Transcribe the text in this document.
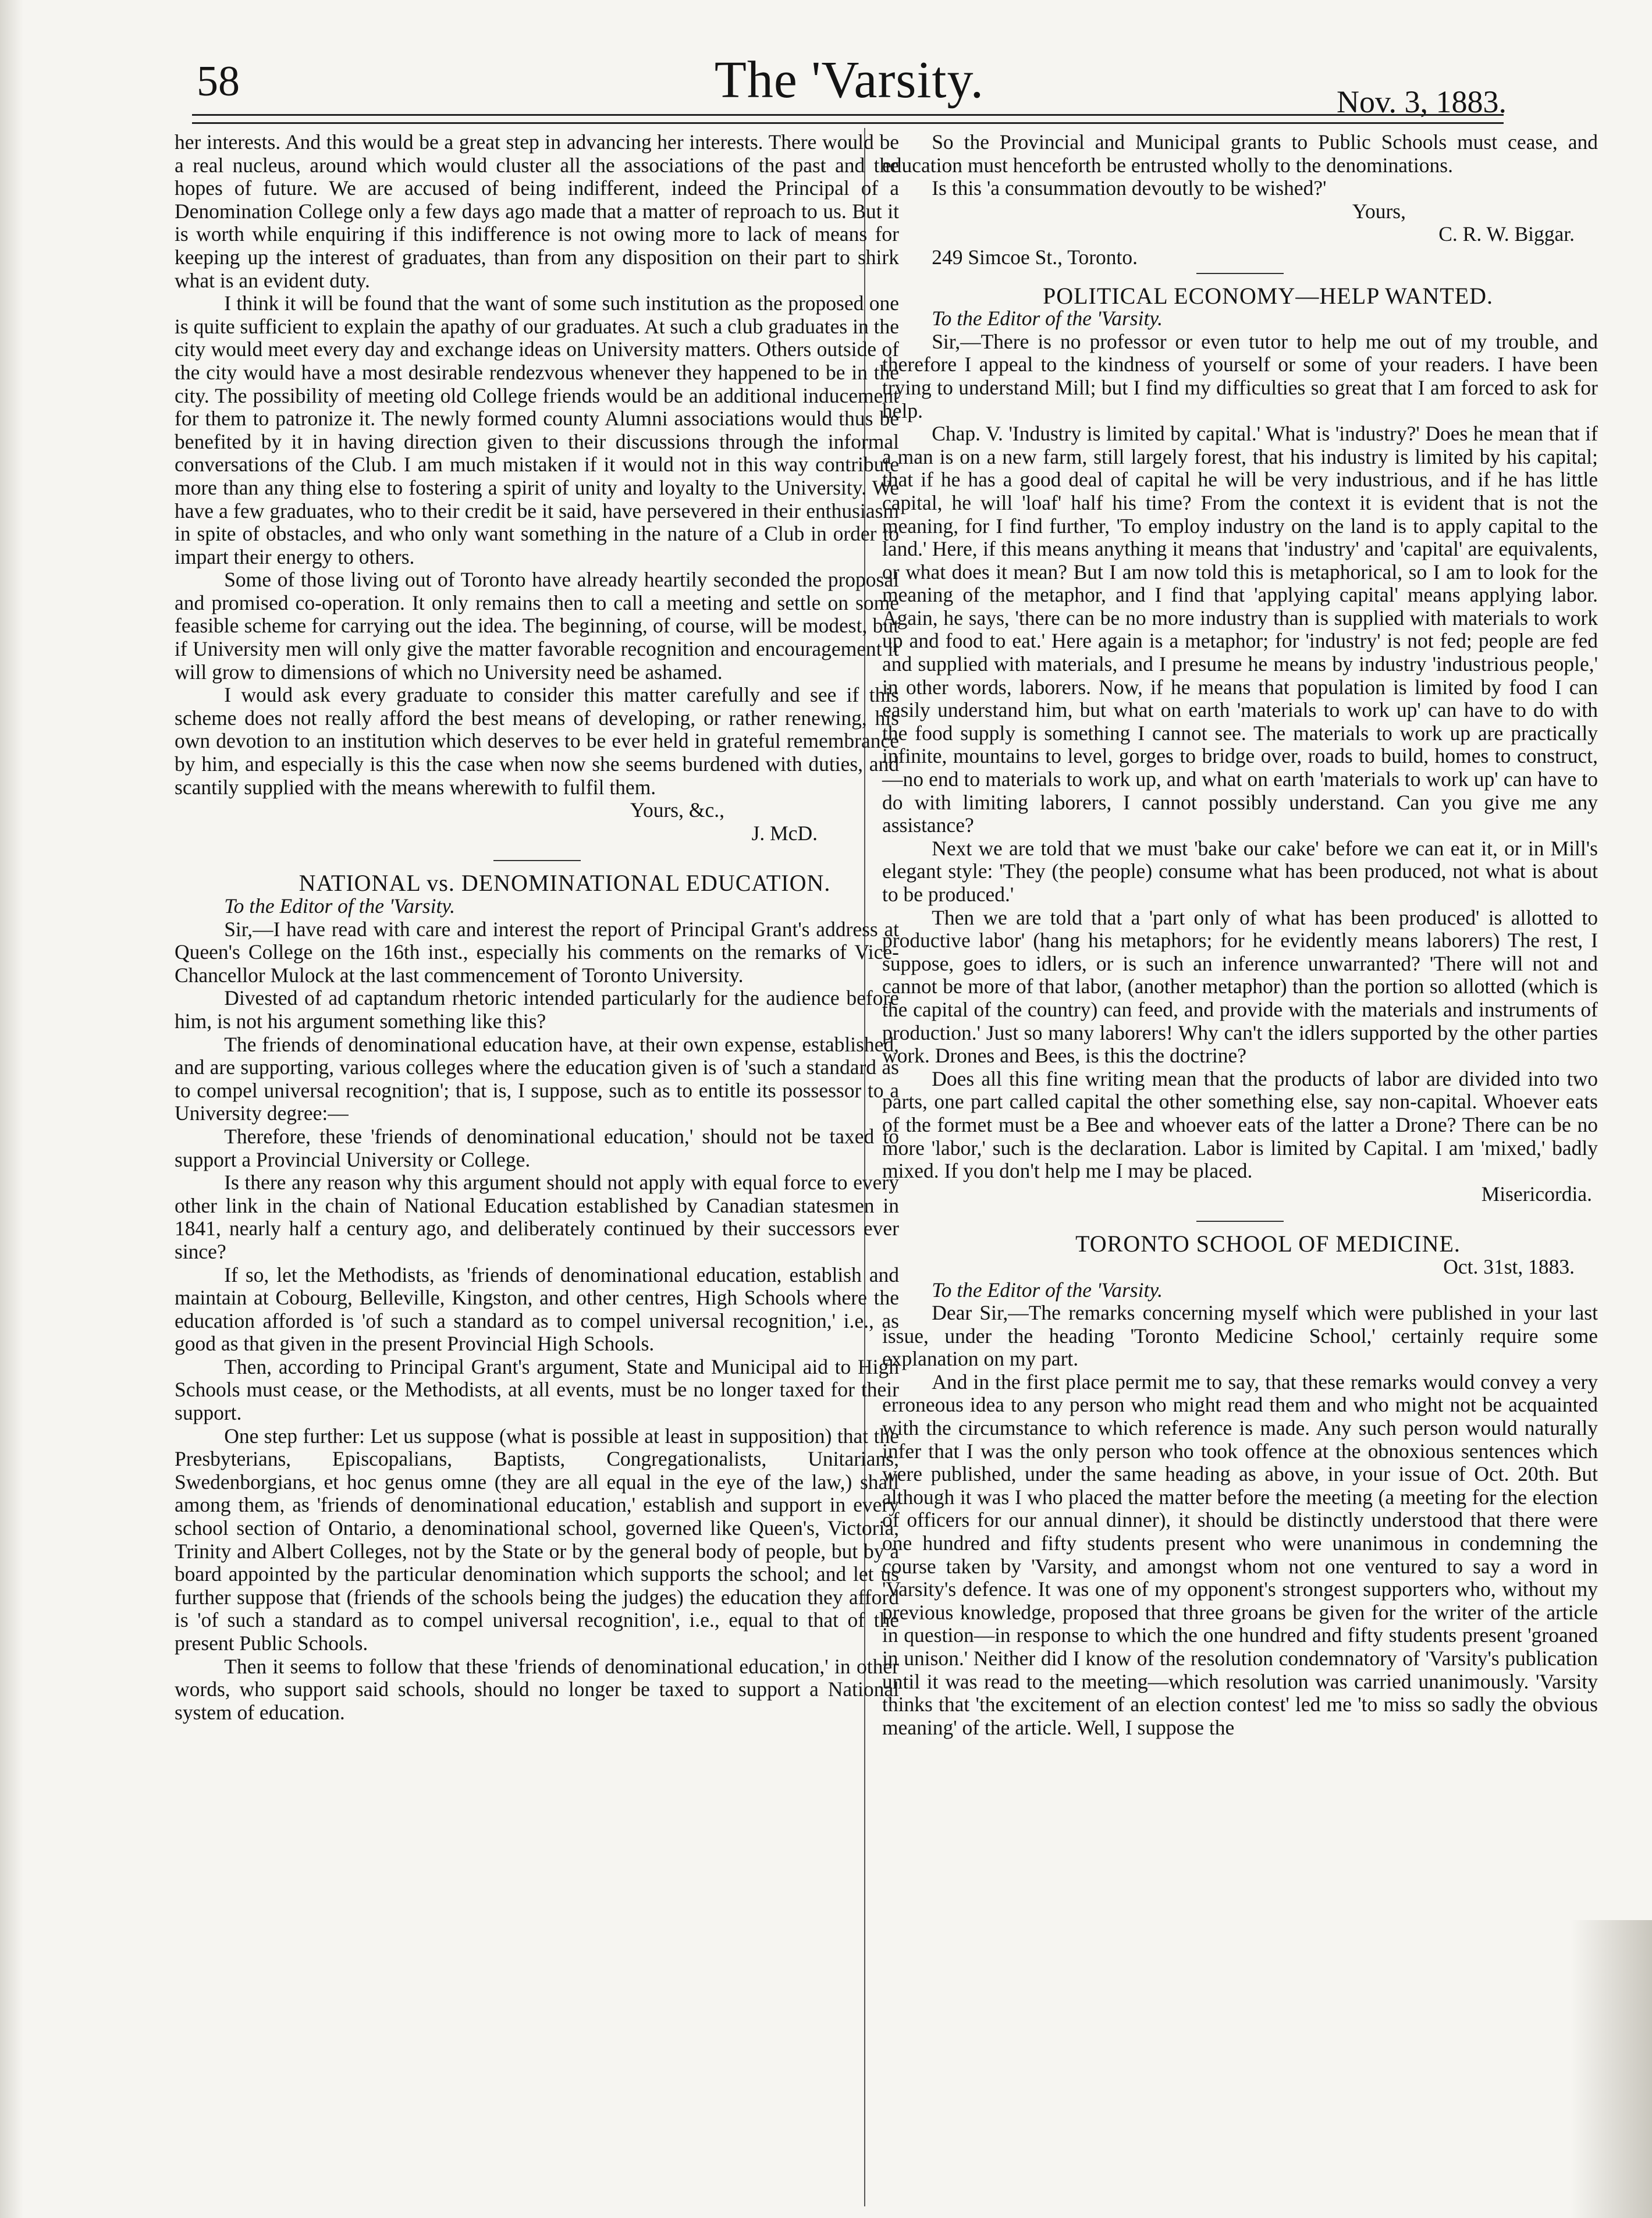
58	The 'Varsity.	Nov. 3, 1883.

her interests. And this would be a great step in advancing her interests. There would be a real nucleus, around which would cluster all the associations of the past and the hopes of future. We are accused of being indifferent, indeed the Principal of a Denomination College only a few days ago made that a matter of reproach to us. But it is worth while enquiring if this indifference is not owing more to lack of means for keeping up the interest of graduates, than from any disposition on their part to shirk what is an evident duty.

I think it will be found that the want of some such institution as the proposed one is quite sufficient to explain the apathy of our graduates. At such a club graduates in the city would meet every day and exchange ideas on University matters. Others outside of the city would have a most desirable rendezvous whenever they happened to be in the city. The possibility of meeting old College friends would be an additional inducement for them to patronize it. The newly formed county Alumni associations would thus be benefited by it in having direction given to their discussions through the informal conversations of the Club. I am much mistaken if it would not in this way contribute more than any thing else to fostering a spirit of unity and loyalty to the University. We have a few graduates, who to their credit be it said, have persevered in their enthusiasm in spite of obstacles, and who only want something in the nature of a Club in order to impart their energy to others.

Some of those living out of Toronto have already heartily seconded the proposal and promised co-operation. It only remains then to call a meeting and settle on some feasible scheme for carrying out the idea. The beginning, of course, will be modest, but if University men will only give the matter favorable recognition and encouragement it will grow to dimensions of which no University need be ashamed.

I would ask every graduate to consider this matter carefully and see if this scheme does not really afford the best means of developing, or rather renewing, his own devotion to an institution which deserves to be ever held in grateful remembrance by him, and especially is this the case when now she seems burdened with duties, and scantily supplied with the means wherewith to fulfil them.

Yours, &c.,

J. McD.

NATIONAL vs. DENOMINATIONAL EDUCATION.

To the Editor of the 'Varsity.

Sir,—I have read with care and interest the report of Principal Grant's address at Queen's College on the 16th inst., especially his comments on the remarks of Vice-Chancellor Mulock at the last commencement of Toronto University.

Divested of ad captandum rhetoric intended particularly for the audience before him, is not his argument something like this?

The friends of denominational education have, at their own expense, established, and are supporting, various colleges where the education given is of 'such a standard as to compel universal recognition'; that is, I suppose, such as to entitle its possessor to a University degree:—

Therefore, these 'friends of denominational education,' should not be taxed to support a Provincial University or College.

Is there any reason why this argument should not apply with equal force to every other link in the chain of National Education established by Canadian statesmen in 1841, nearly half a century ago, and deliberately continued by their successors ever since?

If so, let the Methodists, as 'friends of denominational education, establish and maintain at Cobourg, Belleville, Kingston, and other centres, High Schools where the education afforded is 'of such a standard as to compel universal recognition,' i.e., as good as that given in the present Provincial High Schools.

Then, according to Principal Grant's argument, State and Municipal aid to High Schools must cease, or the Methodists, at all events, must be no longer taxed for their support.

One step further: Let us suppose (what is possible at least in supposition) that the Presbyterians, Episcopalians, Baptists, Congregationalists, Unitarians, Swedenborgians, et hoc genus omne (they are all equal in the eye of the law,) shall among them, as 'friends of denominational education,' establish and support in every school section of Ontario, a denominational school, governed like Queen's, Victoria, Trinity and Albert Colleges, not by the State or by the general body of people, but by a board appointed by the particular denomination which supports the school; and let us further suppose that (friends of the schools being the judges) the education they afford is 'of such a standard as to compel universal recognition', i.e., equal to that of the present Public Schools.

Then it seems to follow that these 'friends of denominational education,' in other words, who support said schools, should no longer be taxed to support a National system of education.

So the Provincial and Municipal grants to Public Schools must cease, and education must henceforth be entrusted wholly to the denominations.

Is this 'a consummation devoutly to be wished?'

Yours,

C. R. W. Biggar.

249 Simcoe St., Toronto.

POLITICAL ECONOMY—HELP WANTED.

To the Editor of the 'Varsity.

Sir,—There is no professor or even tutor to help me out of my trouble, and therefore I appeal to the kindness of yourself or some of your readers. I have been trying to understand Mill; but I find my difficulties so great that I am forced to ask for help.

Chap. V. 'Industry is limited by capital.' What is 'industry?' Does he mean that if a man is on a new farm, still largely forest, that his industry is limited by his capital; that if he has a good deal of capital he will be very industrious, and if he has little capital, he will 'loaf' half his time? From the context it is evident that is not the meaning, for I find further, 'To employ industry on the land is to apply capital to the land.' Here, if this means anything it means that 'industry' and 'capital' are equivalents, or what does it mean? But I am now told this is metaphorical, so I am to look for the meaning of the metaphor, and I find that 'applying capital' means applying labor. Again, he says, 'there can be no more industry than is supplied with materials to work up and food to eat.' Here again is a metaphor; for 'industry' is not fed; people are fed and supplied with materials, and I presume he means by industry 'industrious people,' in other words, laborers. Now, if he means that population is limited by food I can easily understand him, but what on earth 'materials to work up' can have to do with the food supply is something I cannot see. The materials to work up are practically infinite, mountains to level, gorges to bridge over, roads to build, homes to construct,—no end to materials to work up, and what on earth 'materials to work up' can have to do with limiting laborers, I cannot possibly understand. Can you give me any assistance?

Next we are told that we must 'bake our cake' before we can eat it, or in Mill's elegant style: 'They (the people) consume what has been produced, not what is about to be produced.'

Then we are told that a 'part only of what has been produced' is allotted to productive labor' (hang his metaphors; for he evidently means laborers) The rest, I suppose, goes to idlers, or is such an inference unwarranted? 'There will not and cannot be more of that labor, (another metaphor) than the portion so allotted (which is the capital of the country) can feed, and provide with the materials and instruments of production.' Just so many laborers! Why can't the idlers supported by the other parties work. Drones and Bees, is this the doctrine?

Does all this fine writing mean that the products of labor are divided into two parts, one part called capital the other something else, say non-capital. Whoever eats of the formet must be a Bee and whoever eats of the latter a Drone? There can be no more 'labor,' such is the declaration. Labor is limited by Capital. I am 'mixed,' badly mixed. If you don't help me I may be placed.

Misericordia.

TORONTO SCHOOL OF MEDICINE.

Oct. 31st, 1883.

To the Editor of the 'Varsity.

Dear Sir,—The remarks concerning myself which were published in your last issue, under the heading 'Toronto Medicine School,' certainly require some explanation on my part.

And in the first place permit me to say, that these remarks would convey a very erroneous idea to any person who might read them and who might not be acquainted with the circumstance to which reference is made. Any such person would naturally infer that I was the only person who took offence at the obnoxious sentences which were published, under the same heading as above, in your issue of Oct. 20th. But although it was I who placed the matter before the meeting (a meeting for the election of officers for our annual dinner), it should be distinctly understood that there were one hundred and fifty students present who were unanimous in condemning the course taken by 'Varsity, and amongst whom not one ventured to say a word in 'Varsity's defence. It was one of my opponent's strongest supporters who, without my previous knowledge, proposed that three groans be given for the writer of the article in question—in response to which the one hundred and fifty students present 'groaned in unison.' Neither did I know of the resolution condemnatory of 'Varsity's publication until it was read to the meeting—which resolution was carried unanimously. 'Varsity thinks that 'the excitement of an election contest' led me 'to miss so sadly the obvious meaning' of the article. Well, I suppose the
